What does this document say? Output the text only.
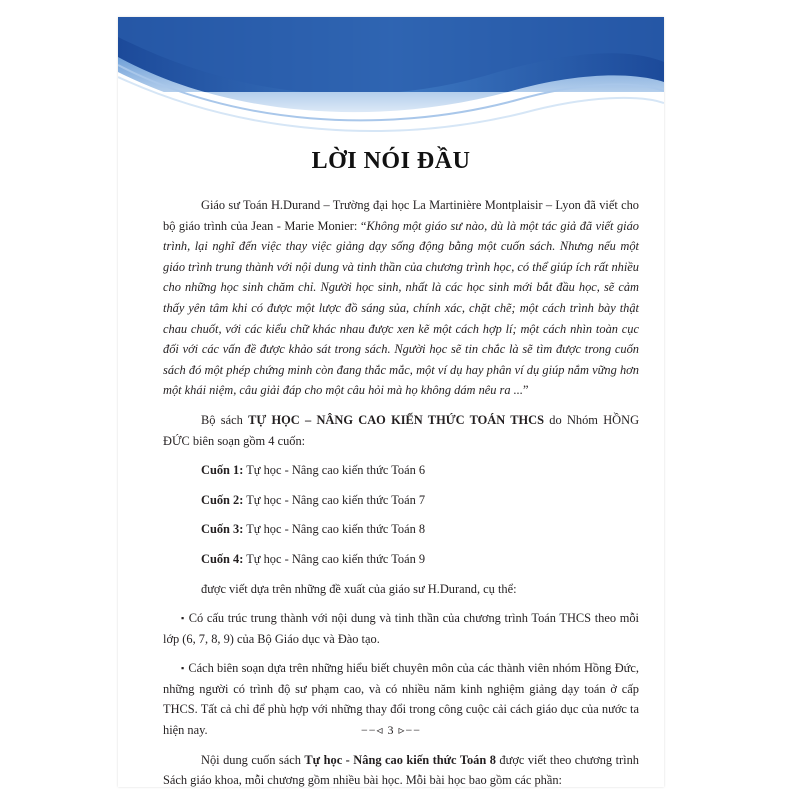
LỜI NÓI ĐẦU

Giáo sư Toán H.Durand – Trường đại học La Martinière Montplaisir – Lyon đã viết cho bộ giáo trình của Jean - Marie Monier: “Không một giáo sư nào, dù là một tác giả đã viết giáo trình, lại nghĩ đến việc thay việc giảng dạy sống động bằng một cuốn sách. Nhưng nếu một giáo trình trung thành với nội dung và tinh thần của chương trình học, có thể giúp ích rất nhiều cho những học sinh chăm chỉ. Người học sinh, nhất là các học sinh mới bắt đầu học, sẽ cảm thấy yên tâm khi có được một lược đồ sáng sủa, chính xác, chặt chẽ; một cách trình bày thật chau chuốt, với các kiểu chữ khác nhau được xen kẽ một cách hợp lí; một cách nhìn toàn cục đối với các vấn đề được khảo sát trong sách. Người học sẽ tin chắc là sẽ tìm được trong cuốn sách đó một phép chứng minh còn đang thắc mắc, một ví dụ hay phân ví dụ giúp nắm vững hơn một khái niệm, câu giải đáp cho một câu hỏi mà họ không dám nêu ra ...”

Bộ sách TỰ HỌC – NÂNG CAO KIẾN THỨC TOÁN THCS do Nhóm HỒNG ĐỨC biên soạn gồm 4 cuốn:

Cuốn 1: Tự học - Nâng cao kiến thức Toán 6

Cuốn 2: Tự học - Nâng cao kiến thức Toán 7

Cuốn 3: Tự học - Nâng cao kiến thức Toán 8

Cuốn 4: Tự học - Nâng cao kiến thức Toán 9

được viết dựa trên những đề xuất của giáo sư H.Durand, cụ thể:

▪ Có cấu trúc trung thành với nội dung và tinh thần của chương trình Toán THCS theo mỗi lớp (6, 7, 8, 9) của Bộ Giáo dục và Đào tạo.

▪ Cách biên soạn dựa trên những hiểu biết chuyên môn của các thành viên nhóm Hồng Đức, những người có trình độ sư phạm cao, và có nhiều năm kinh nghiệm giảng dạy toán ở cấp THCS. Tất cả chỉ để phù hợp với những thay đổi trong công cuộc cải cách giáo dục của nước ta hiện nay.

Nội dung cuốn sách Tự học - Nâng cao kiến thức Toán 8 được viết theo chương trình Sách giáo khoa, mỗi chương gồm nhiều bài học. Mỗi bài học bao gồm các phần:

−−◃ 3 ▹−−
